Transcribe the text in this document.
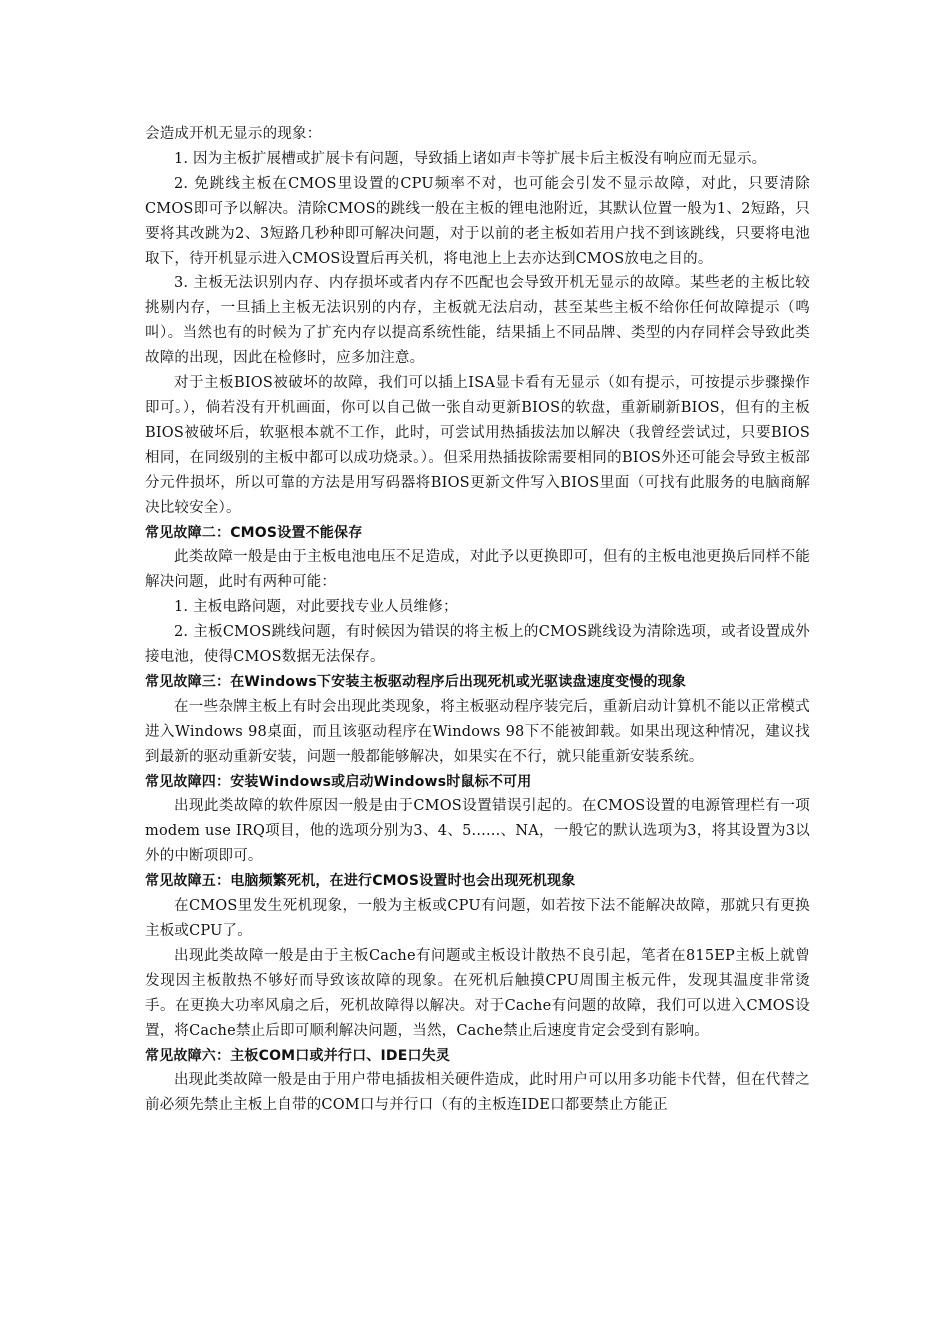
会造成开机无显示的现象：

1. 因为主板扩展槽或扩展卡有问题，导致插上诸如声卡等扩展卡后主板没有响应而无显示。

2. 免跳线主板在CMOS里设置的CPU频率不对，也可能会引发不显示故障，对此，只要清除CMOS即可予以解决。清除CMOS的跳线一般在主板的锂电池附近，其默认位置一般为1、2短路，只要将其改跳为2、3短路几秒种即可解决问题，对于以前的老主板如若用户找不到该跳线，只要将电池取下，待开机显示进入CMOS设置后再关机，将电池上上去亦达到CMOS放电之目的。

3. 主板无法识别内存、内存损坏或者内存不匹配也会导致开机无显示的故障。某些老的主板比较挑剔内存，一旦插上主板无法识别的内存，主板就无法启动，甚至某些主板不给你任何故障提示（鸣叫）。当然也有的时候为了扩充内存以提高系统性能，结果插上不同品牌、类型的内存同样会导致此类故障的出现，因此在检修时，应多加注意。

对于主板BIOS被破坏的故障，我们可以插上ISA显卡看有无显示（如有提示，可按提示步骤操作即可。），倘若没有开机画面，你可以自己做一张自动更新BIOS的软盘，重新刷新BIOS，但有的主板BIOS被破坏后，软驱根本就不工作，此时，可尝试用热插拔法加以解决（我曾经尝试过，只要BIOS相同，在同级别的主板中都可以成功烧录。）。但采用热插拔除需要相同的BIOS外还可能会导致主板部分元件损坏，所以可靠的方法是用写码器将BIOS更新文件写入BIOS里面（可找有此服务的电脑商解决比较安全）。

常见故障二：CMOS设置不能保存

此类故障一般是由于主板电池电压不足造成，对此予以更换即可，但有的主板电池更换后同样不能解决问题，此时有两种可能：

1. 主板电路问题，对此要找专业人员维修；

2. 主板CMOS跳线问题，有时候因为错误的将主板上的CMOS跳线设为清除选项，或者设置成外接电池，使得CMOS数据无法保存。

常见故障三：在Windows下安装主板驱动程序后出现死机或光驱读盘速度变慢的现象

在一些杂牌主板上有时会出现此类现象，将主板驱动程序装完后，重新启动计算机不能以正常模式进入Windows 98桌面，而且该驱动程序在Windows 98下不能被卸载。如果出现这种情况，建议找到最新的驱动重新安装，问题一般都能够解决，如果实在不行，就只能重新安装系统。

常见故障四：安装Windows或启动Windows时鼠标不可用

出现此类故障的软件原因一般是由于CMOS设置错误引起的。在CMOS设置的电源管理栏有一项modem use IRQ项目，他的选项分别为3、4、5......、NA，一般它的默认选项为3，将其设置为3以外的中断项即可。

常见故障五：电脑频繁死机，在进行CMOS设置时也会出现死机现象

在CMOS里发生死机现象，一般为主板或CPU有问题，如若按下法不能解决故障，那就只有更换主板或CPU了。

出现此类故障一般是由于主板Cache有问题或主板设计散热不良引起，笔者在815EP主板上就曾发现因主板散热不够好而导致该故障的现象。在死机后触摸CPU周围主板元件，发现其温度非常烫手。在更换大功率风扇之后，死机故障得以解决。对于Cache有问题的故障，我们可以进入CMOS设置，将Cache禁止后即可顺利解决问题，当然，Cache禁止后速度肯定会受到有影响。

常见故障六：主板COM口或并行口、IDE口失灵

出现此类故障一般是由于用户带电插拔相关硬件造成，此时用户可以用多功能卡代替，但在代替之前必须先禁止主板上自带的COM口与并行口（有的主板连IDE口都要禁止方能正
